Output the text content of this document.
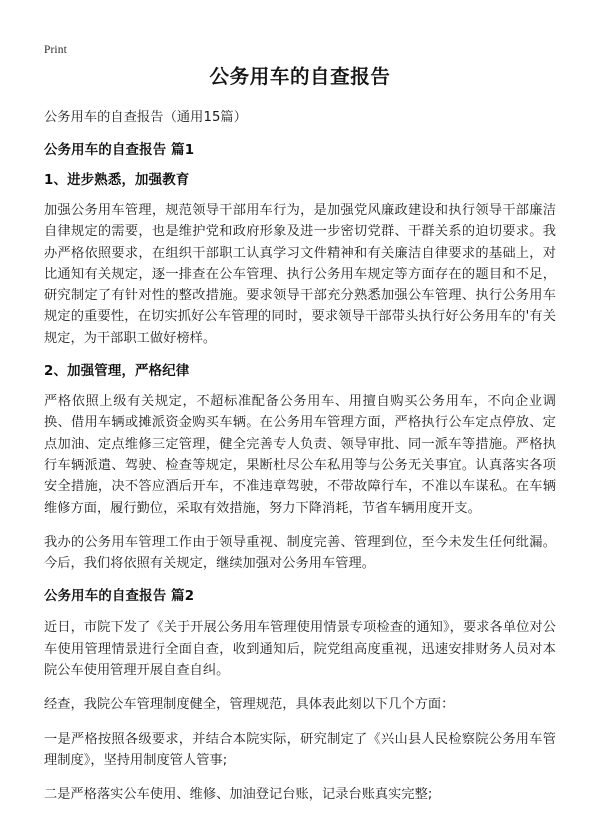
Print
公务用车的自查报告

公务用车的自查报告（通用15篇）

公务用车的自查报告 篇1
1、进步熟悉，加强教育

加强公务用车管理，规范领导干部用车行为，是加强党风廉政建设和执行领导干部廉洁自律规定的需要，也是维护党和政府形象及进一步密切党群、干群关系的迫切要求。我办严格依照要求，在组织干部职工认真学习文件精神和有关廉洁自律要求的基础上，对比通知有关规定，逐一排查在公车管理、执行公务用车规定等方面存在的题目和不足，研究制定了有针对性的整改措施。要求领导干部充分熟悉加强公车管理、执行公务用车规定的重要性，在切实抓好公车管理的同时，要求领导干部带头执行好公务用车的'有关规定，为干部职工做好榜样。

2、加强管理，严格纪律

严格依照上级有关规定，不超标准配备公务用车、用擅自购买公务用车，不向企业调换、借用车辆或摊派资金购买车辆。在公务用车管理方面，严格执行公车定点停放、定点加油、定点维修三定管理，健全完善专人负责、领导审批、同一派车等措施。严格执行车辆派遣、驾驶、检查等规定，果断杜尽公车私用等与公务无关事宜。认真落实各项安全措施，决不答应酒后开车，不准违章驾驶，不带故障行车，不准以车谋私。在车辆维修方面，履行勤位，采取有效措施，努力下降消耗，节省车辆用度开支。

我办的公务用车管理工作由于领导重视、制度完善、管理到位，至今未发生任何纰漏。今后，我们将依照有关规定，继续加强对公务用车管理。

公务用车的自查报告 篇2

近日，市院下发了《关于开展公务用车管理使用情景专项检查的通知》，要求各单位对公车使用管理情景进行全面自查，收到通知后，院党组高度重视，迅速安排财务人员对本院公车使用管理开展自查自纠。

经查，我院公车管理制度健全，管理规范，具体表此刻以下几个方面：

一是严格按照各级要求，并结合本院实际，研究制定了《兴山县人民检察院公务用车管理制度》，坚持用制度管人管事;

二是严格落实公车使用、维修、加油登记台账，记录台账真实完整;
